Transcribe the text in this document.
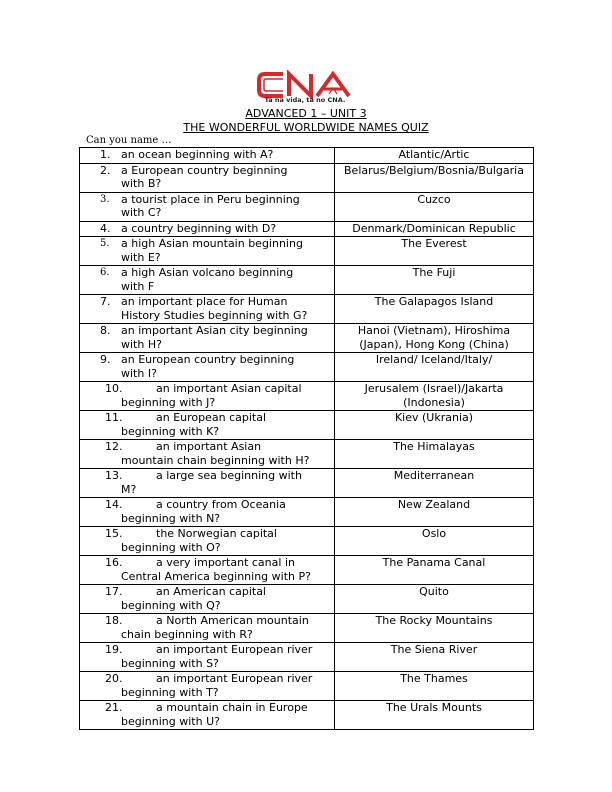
Tá na vida, tá no CNA.
ADVANCED 1 – UNIT 3
THE WONDERFUL WORLDWIDE NAMES QUIZ
Can you name …
1. an ocean beginning with A?	Atlantic/Artic

2. a European country beginning
with B?	Belarus/Belgium/Bosnia/Bulgaria

3. a tourist place in Peru beginning
with C?	Cuzco

4. a country beginning with D?	Denmark/Dominican Republic

5. a high Asian mountain beginning
with E?	The Everest

6. a high Asian volcano beginning
with F	The Fuji

7. an important place for Human
History Studies beginning with G?	The Galapagos Island

8. an important Asian city beginning
with H?	Hanoi (Vietnam), Hiroshima (Japan), Hong Kong (China)

9. an European country beginning
with I?	Ireland/ Iceland/Italy/

10. an important Asian capital
beginning with J?	Jerusalem (Israel)/Jakarta (Indonesia)

11. an European capital
beginning with K?	Kiev (Ukrania)

12. an important Asian
mountain chain beginning with H?	The Himalayas

13. a large sea beginning with
M?	Mediterranean

14. a country from Oceania
beginning with N?	New Zealand

15. the Norwegian capital
beginning with O?	Oslo

16. a very important canal in
Central America beginning with P?	The Panama Canal

17. an American capital
beginning with Q?	Quito

18. a North American mountain
chain beginning with R?	The Rocky Mountains

19. an important European river
beginning with S?	The Siena River

20. an important European river
beginning with T?	The Thames

21. a mountain chain in Europe
beginning with U?	The Urals Mounts
